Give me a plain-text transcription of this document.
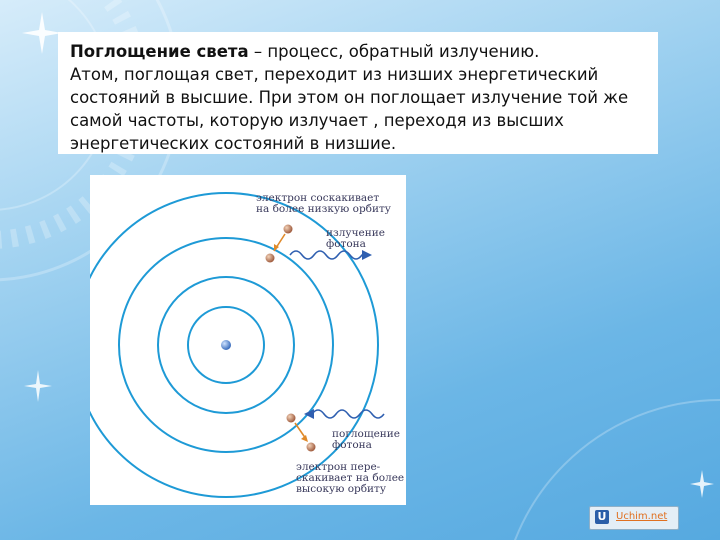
Поглощение света – процесс, обратный излучению.
Атом, поглощая свет, переходит из низших энергетический состояний в высшие. При этом он поглощает излучение той же самой частоты, которую излучает , переходя из высших энергетических состояний в низшие.
электрон соскакивает
на более низкую орбиту
излучение
фотона
поглощение
фотона
электрон пере-
скакивает на более
высокую орбиту
U Uchim.net
